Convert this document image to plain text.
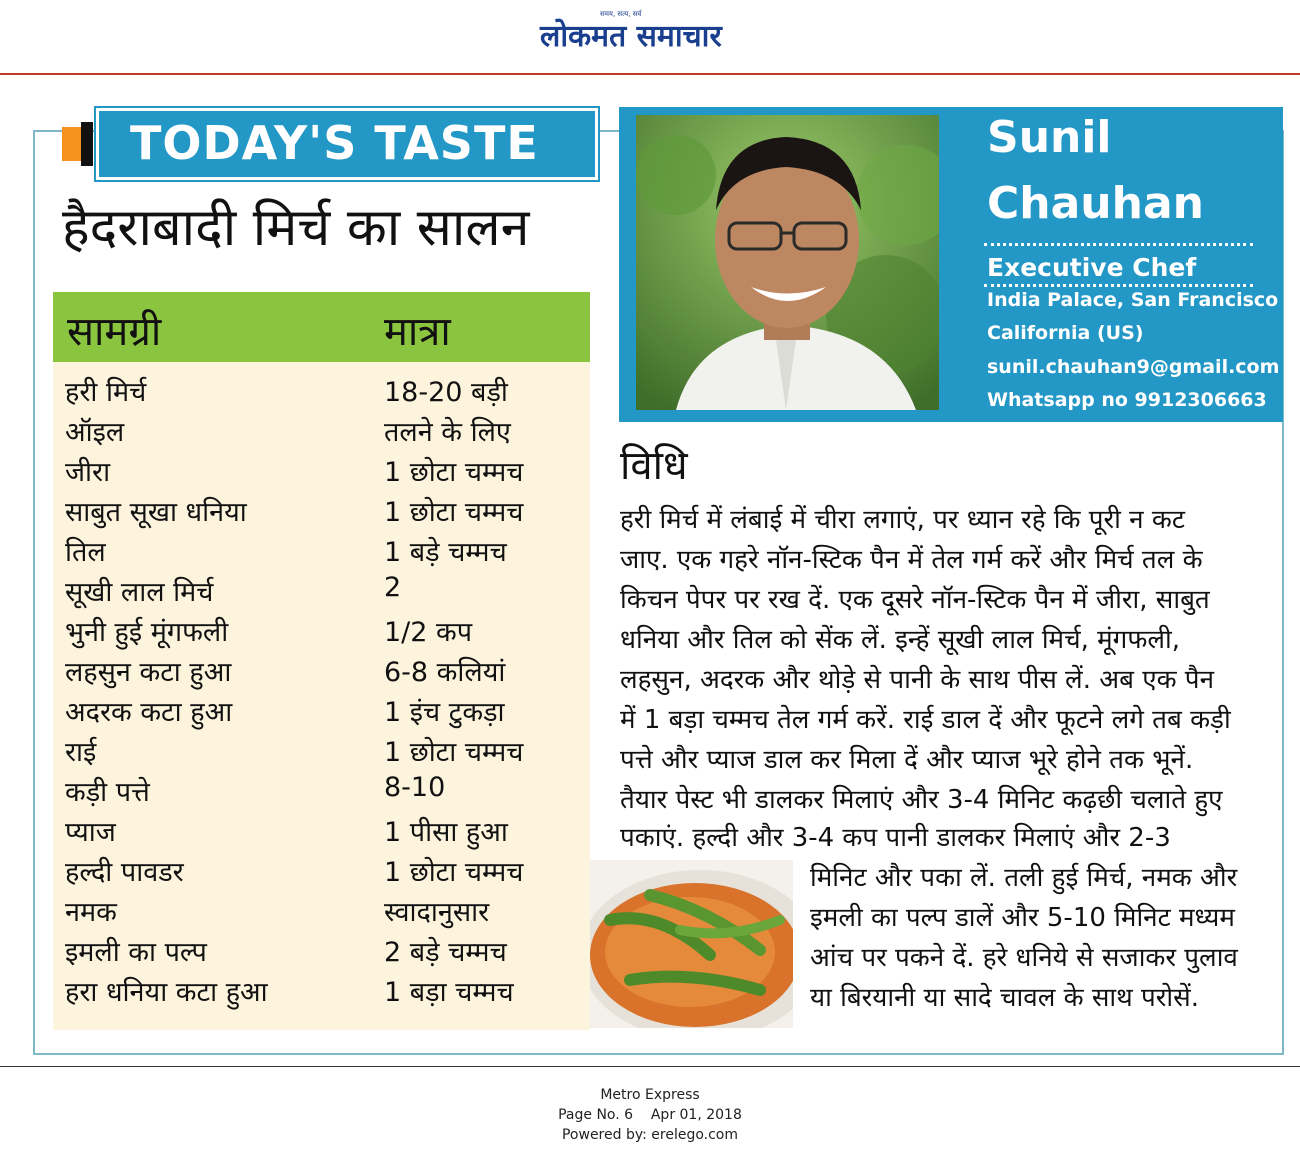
लोकमत समाचार
समय, सत्य, सर्व
TODAY'S TASTE
हैदराबादी मिर्च का सालन
सामग्री	मात्रा
हरी मिर्च	18-20 बड़ी
ऑइल	तलने के लिए
जीरा	1 छोटा चम्मच
साबुत सूखा धनिया	1 छोटा चम्मच
तिल	1 बड़े चम्मच
सूखी लाल मिर्च	2
भुनी हुई मूंगफली	1/2 कप
लहसुन कटा हुआ	6-8 कलियां
अदरक कटा हुआ	1 इंच टुकड़ा
राई	1 छोटा चम्मच
कड़ी पत्ते	8-10
प्याज	1 पीसा हुआ
हल्दी पावडर	1 छोटा चम्मच
नमक	स्वादानुसार
इमली का पल्प	2 बड़े चम्मच
हरा धनिया कटा हुआ	1 बड़ा चम्मच
Sunil
Chauhan
Executive Chef
India Palace, San Francisco
California (US)
sunil.chauhan9@gmail.com
Whatsapp no 9912306663
विधि
हरी मिर्च में लंबाई में चीरा लगाएं, पर ध्यान रहे कि पूरी न कट
जाए. एक गहरे नॉन-स्टिक पैन में तेल गर्म करें और मिर्च तल के
किचन पेपर पर रख दें. एक दूसरे नॉन-स्टिक पैन में जीरा, साबुत
धनिया और तिल को सेंक लें. इन्हें सूखी लाल मिर्च, मूंगफली,
लहसुन, अदरक और थोड़े से पानी के साथ पीस लें. अब एक पैन
में 1 बड़ा चम्मच तेल गर्म करें. राई डाल दें और फूटने लगे तब कड़ी
पत्ते और प्याज डाल कर मिला दें और प्याज भूरे होने तक भूनें.
तैयार पेस्ट भी डालकर मिलाएं और 3-4 मिनिट कढ़छी चलाते हुए
पकाएं. हल्दी और 3-4 कप पानी डालकर मिलाएं और 2-3
मिनिट और पका लें. तली हुई मिर्च, नमक और
इमली का पल्प डालें और 5-10 मिनिट मध्यम
आंच पर पकने दें. हरे धनिये से सजाकर पुलाव
या बिरयानी या सादे चावल के साथ परोसें.
Metro Express
Page No. 6    Apr 01, 2018
Powered by: erelego.com
